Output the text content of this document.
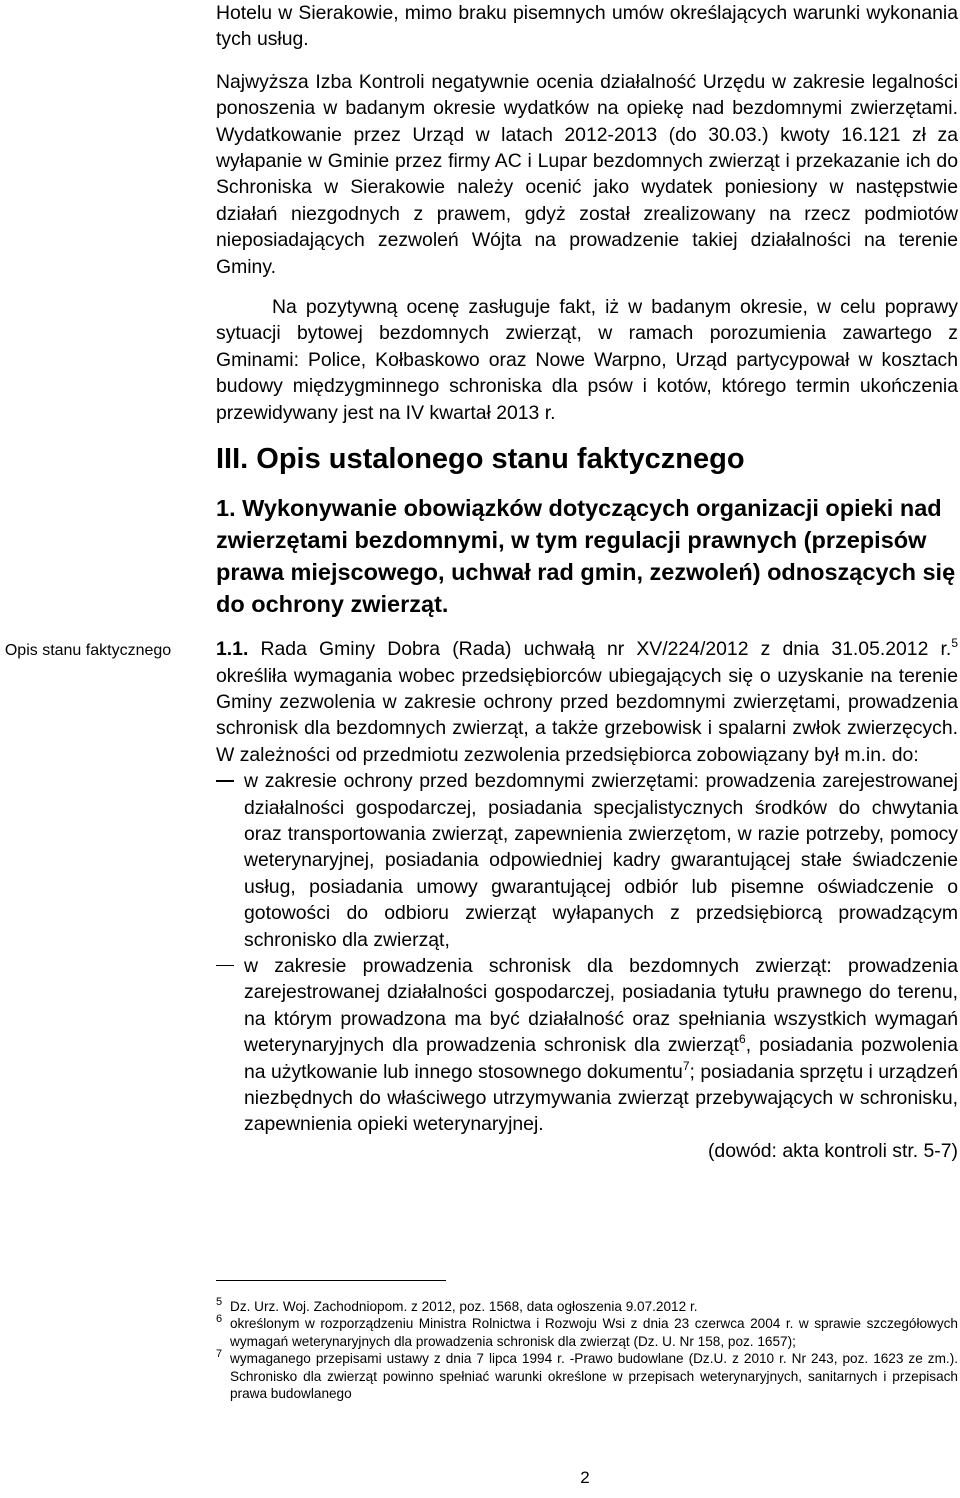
Hotelu w Sierakowie, mimo braku pisemnych umów określających warunki wykonania tych usług.

Najwyższa Izba Kontroli negatywnie ocenia działalność Urzędu w zakresie legalności ponoszenia w badanym okresie wydatków na opiekę nad bezdomnymi zwierzętami. Wydatkowanie przez Urząd w latach 2012-2013 (do 30.03.) kwoty 16.121 zł za wyłapanie w Gminie przez firmy AC i Lupar bezdomnych zwierząt i przekazanie ich do Schroniska w Sierakowie należy ocenić jako wydatek poniesiony w następstwie działań niezgodnych z prawem, gdyż został zrealizowany na rzecz podmiotów nieposiadających zezwoleń Wójta na prowadzenie takiej działalności na terenie Gminy.

Na pozytywną ocenę zasługuje fakt, iż w badanym okresie, w celu poprawy sytuacji bytowej bezdomnych zwierząt, w ramach porozumienia zawartego z Gminami: Police, Kołbaskowo oraz Nowe Warpno, Urząd partycypował w kosztach budowy międzygminnego schroniska dla psów i kotów, którego termin ukończenia przewidywany jest na IV kwartał 2013 r.

III. Opis ustalonego stanu faktycznego

1. Wykonywanie obowiązków dotyczących organizacji opieki nad zwierzętami bezdomnymi, w tym regulacji prawnych (przepisów prawa miejscowego, uchwał rad gmin, zezwoleń) odnoszących się do ochrony zwierząt.

1.1. Rada Gminy Dobra (Rada) uchwałą nr XV/224/2012 z dnia 31.05.2012 r.$^5$ określiła wymagania wobec przedsiębiorców ubiegających się o uzyskanie na terenie Gminy zezwolenia w zakresie ochrony przed bezdomnymi zwierzętami, prowadzenia schronisk dla bezdomnych zwierząt, a także grzebowisk i spalarni zwłok zwierzęcych. W zależności od przedmiotu zezwolenia przedsiębiorca zobowiązany był m.in. do:

w zakresie ochrony przed bezdomnymi zwierzętami: prowadzenia zarejestrowanej działalności gospodarczej, posiadania specjalistycznych środków do chwytania oraz transportowania zwierząt, zapewnienia zwierzętom, w razie potrzeby, pomocy weterynaryjnej, posiadania odpowiedniej kadry gwarantującej stałe świadczenie usług, posiadania umowy gwarantującej odbiór lub pisemne oświadczenie o gotowości do odbioru zwierząt wyłapanych z przedsiębiorcą prowadzącym schronisko dla zwierząt,
w zakresie prowadzenia schronisk dla bezdomnych zwierząt: prowadzenia zarejestrowanej działalności gospodarczej, posiadania tytułu prawnego do terenu, na którym prowadzona ma być działalność oraz spełniania wszystkich wymagań weterynaryjnych dla prowadzenia schronisk dla zwierząt$^6$, posiadania pozwolenia na użytkowanie lub innego stosownego dokumentu$^7$; posiadania sprzętu i urządzeń niezbędnych do właściwego utrzymywania zwierząt przebywających w schronisku, zapewnienia opieki weterynaryjnej.

(dowód: akta kontroli str. 5-7)

Opis stanu faktycznego

5 Dz. Urz. Woj. Zachodniopom. z 2012, poz. 1568, data ogłoszenia 9.07.2012 r.

6 określonym w rozporządzeniu Ministra Rolnictwa i Rozwoju Wsi z dnia 23 czerwca 2004 r. w sprawie szczegółowych wymagań weterynaryjnych dla prowadzenia schronisk dla zwierząt (Dz. U. Nr 158, poz. 1657);

7 wymaganego przepisami ustawy z dnia 7 lipca 1994 r. -Prawo budowlane (Dz.U. z 2010 r. Nr 243, poz. 1623 ze zm.). Schronisko dla zwierząt powinno spełniać warunki określone w przepisach weterynaryjnych, sanitarnych i przepisach prawa budowlanego

2
